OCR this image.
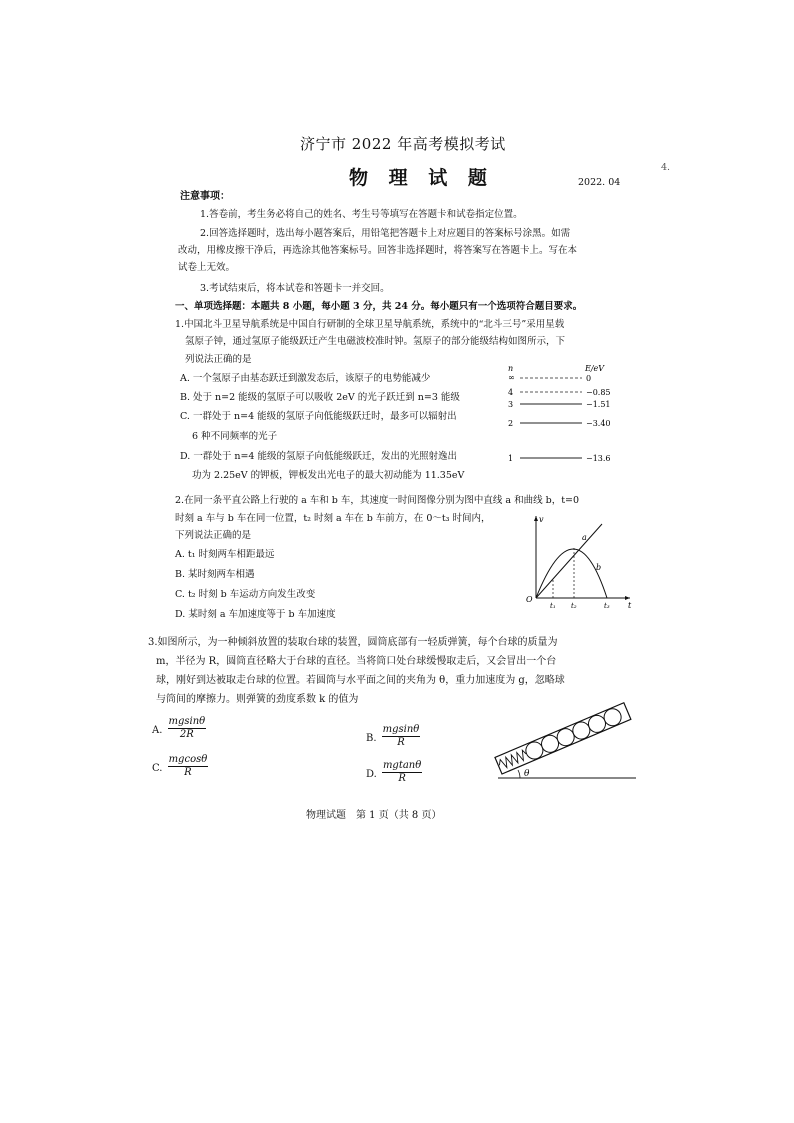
4.
济宁市 2022 年高考模拟考试
物 理 试 题	2022. 04
注意事项：
1.答卷前，考生务必将自己的姓名、考生号等填写在答题卡和试卷指定位置。
2.回答选择题时，选出每小题答案后，用铅笔把答题卡上对应题目的答案标号涂黑。如需
改动，用橡皮擦干净后，再选涂其他答案标号。回答非选择题时，将答案写在答题卡上。写在本
试卷上无效。
3.考试结束后，将本试卷和答题卡一并交回。
一、单项选择题：本题共 8 小题，每小题 3 分，共 24 分。每小题只有一个选项符合题目要求。
1.中国北斗卫星导航系统是中国自行研制的全球卫星导航系统，系统中的“北斗三号”采用星载
氢原子钟，通过氢原子能级跃迁产生电磁波校准时钟。氢原子的部分能级结构如图所示，下
列说法正确的是
A. 一个氢原子由基态跃迁到激发态后，该原子的电势能减少
B. 处于 n=2 能级的氢原子可以吸收 2eV 的光子跃迁到 n=3 能级
C. 一群处于 n=4 能级的氢原子向低能级跃迁时，最多可以辐射出
6 种不同频率的光子
D. 一群处于 n=4 能级的氢原子向低能级跃迁，发出的光照射逸出
功为 2.25eV 的钾板，钾板发出光电子的最大初动能为 11.35eV
n	E/eV
∞	0
4	−0.85
3	−1.51
2	−3.40
1	−13.6
2.在同一条平直公路上行驶的 a 车和 b 车，其速度一时间图像分别为图中直线 a 和曲线 b，t=0
时刻 a 车与 b 车在同一位置，t₂ 时刻 a 车在 b 车前方，在 0～t₃ 时间内，
下列说法正确的是
A. t₁ 时刻两车相距最远
B. 某时刻两车相遇
C. t₂ 时刻 b 车运动方向发生改变
D. 某时刻 a 车加速度等于 b 车加速度
v
t
O
a
b
t₁ t₂	t₃
3.如图所示，为一种倾斜放置的装取台球的装置，圆筒底部有一轻质弹簧，每个台球的质量为
m，半径为 R，圆筒直径略大于台球的直径。当将筒口处台球缓慢取走后，又会冒出一个台
球，刚好到达被取走台球的位置。若圆筒与水平面之间的夹角为 θ，重力加速度为 g，忽略球
与筒间的摩擦力。则弹簧的劲度系数 k 的值为
A. $\frac{mgsin\theta}{2R}$	B. $\frac{mgsin\theta}{R}$
C. $\frac{mgcos\theta}{R}$	D. $\frac{mgtan\theta}{R}$	θ
物理试题　第 1 页（共 8 页）
